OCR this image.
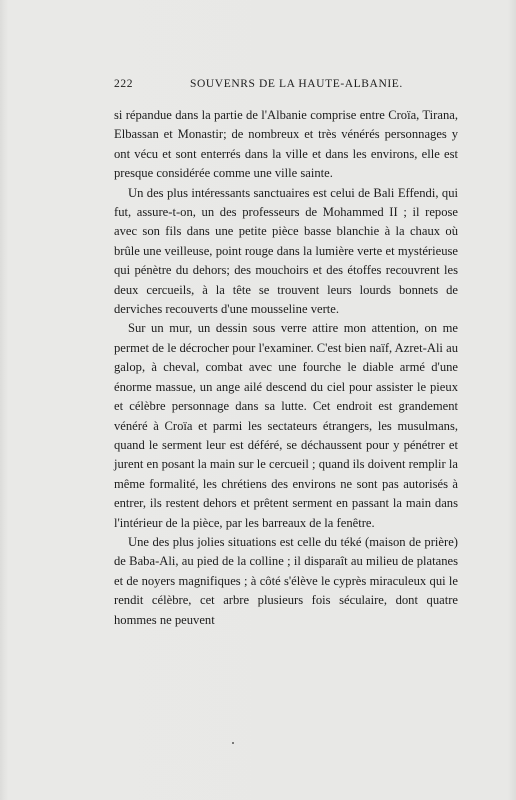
222	SOUVENRS DE LA HAUTE-ALBANIE.

si répandue dans la partie de l'Albanie comprise entre Croïa, Tirana, Elbassan et Monastir; de nombreux et très vénérés personnages y ont vécu et sont enterrés dans la ville et dans les environs, elle est presque considérée comme une ville sainte.

Un des plus intéressants sanctuaires est celui de Bali Effendi, qui fut, assure-t-on, un des professeurs de Mohammed II ; il repose avec son fils dans une petite pièce basse blanchie à la chaux où brûle une veilleuse, point rouge dans la lumière verte et mystérieuse qui pénètre du dehors; des mouchoirs et des étoffes recouvrent les deux cercueils, à la tête se trouvent leurs lourds bonnets de derviches recouverts d'une mousseline verte.

Sur un mur, un dessin sous verre attire mon attention, on me permet de le décrocher pour l'examiner. C'est bien naïf, Azret-Ali au galop, à cheval, combat avec une fourche le diable armé d'une énorme massue, un ange ailé descend du ciel pour assister le pieux et célèbre personnage dans sa lutte. Cet endroit est grandement vénéré à Croïa et parmi les sectateurs étrangers, les musulmans, quand le serment leur est déféré, se déchaussent pour y pénétrer et jurent en posant la main sur le cercueil ; quand ils doivent remplir la même formalité, les chrétiens des environs ne sont pas autorisés à entrer, ils restent dehors et prêtent serment en passant la main dans l'intérieur de la pièce, par les barreaux de la fenêtre.

Une des plus jolies situations est celle du téké (maison de prière) de Baba-Ali, au pied de la colline ; il disparaît au milieu de platanes et de noyers magnifiques ; à côté s'élève le cyprès miraculeux qui le rendit célèbre, cet arbre plusieurs fois séculaire, dont quatre hommes ne peuvent
